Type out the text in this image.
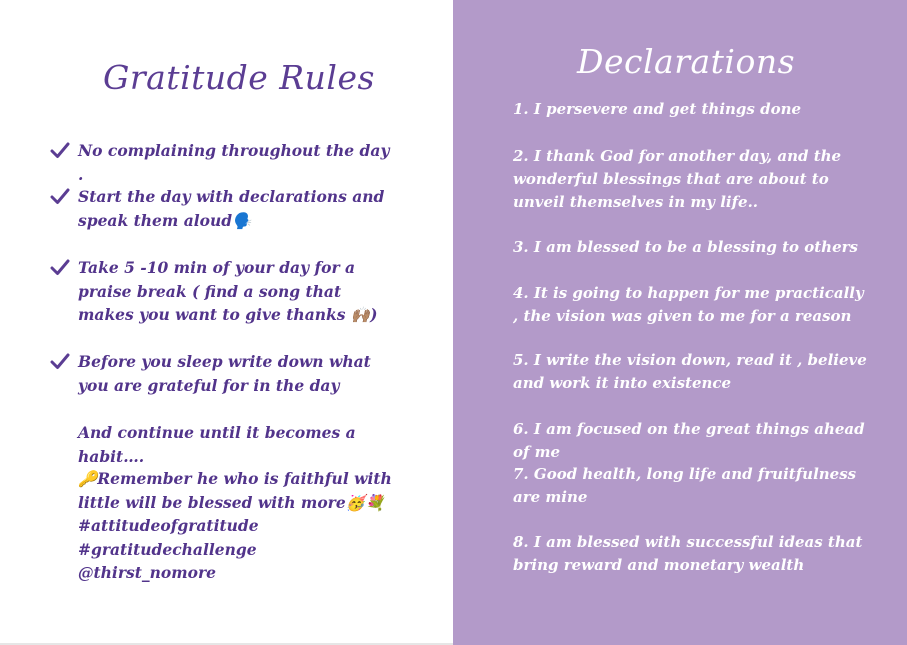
Gratitude Rules
No complaining throughout the day .
Start the day with declarations and speak them aloud🗣️
Take 5 -10 min of your day for a praise break ( find a song that makes you want to give thanks 🙌🏽)
Before you sleep write down what you are grateful for in the day
And continue until it becomes a habit….
🔑Remember he who is faithful with little will be blessed with more🥳💐
#attitudeofgratitude
#gratitudechallenge
@thirst_nomore
Declarations
1. I persevere and get things done
2. I thank God for another day, and the wonderful blessings that are about to unveil themselves in my life..
3. I am blessed to be a blessing to others
4. It is going to happen for me practically , the vision was given to me for a reason
5. I write the vision down, read it , believe and work it into existence
6. I am focused on the great things ahead of me
7. Good health, long life and fruitfulness are mine
8. I am blessed with successful ideas that bring reward and monetary wealth
